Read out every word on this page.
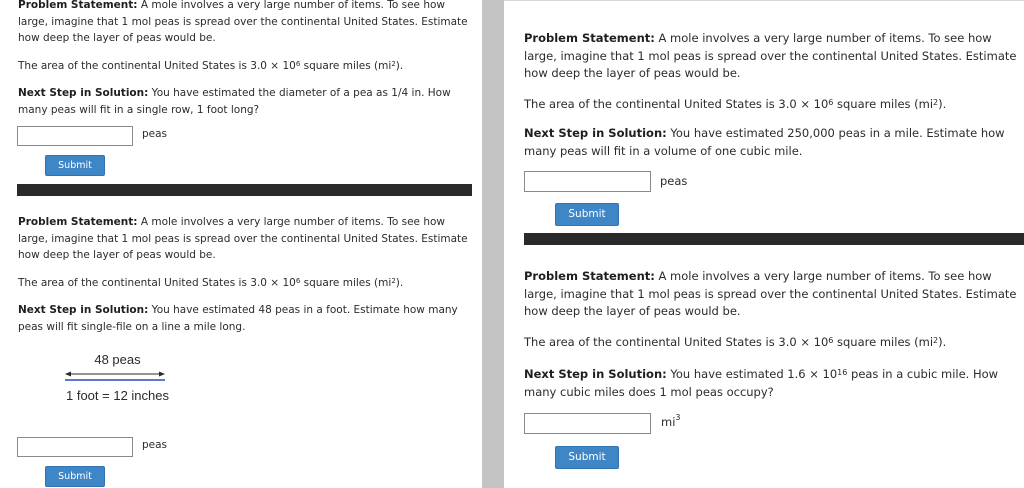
Problem Statement: A mole involves a very large number of items. To see how large, imagine that 1 mol peas is spread over the continental United States. Estimate how deep the layer of peas would be.
The area of the continental United States is $3.0 \times 10^6$ square miles $(mi^2)$.
Next Step in Solution: You have estimated the diameter of a pea as 1/4 in. How many peas will fit in a single row, 1 foot long?
peas
Submit
Problem Statement: A mole involves a very large number of items. To see how large, imagine that 1 mol peas is spread over the continental United States. Estimate how deep the layer of peas would be.
The area of the continental United States is $3.0 \times 10^6$ square miles $(mi^2)$.
Next Step in Solution: You have estimated 48 peas in a foot. Estimate how many peas will fit single-file on a line a mile long.
48 peas
1 foot = 12 inches
peas
Submit
Problem Statement: A mole involves a very large number of items. To see how large, imagine that 1 mol peas is spread over the continental United States. Estimate how deep the layer of peas would be.
The area of the continental United States is $3.0 \times 10^6$ square miles $(mi^2)$.
Next Step in Solution: You have estimated 250,000 peas in a mile. Estimate how many peas will fit in a volume of one cubic mile.
peas
Submit
Problem Statement: A mole involves a very large number of items. To see how large, imagine that 1 mol peas is spread over the continental United States. Estimate how deep the layer of peas would be.
The area of the continental United States is $3.0 \times 10^6$ square miles $(mi^2)$.
Next Step in Solution: You have estimated $1.6 \times 10^{16}$ peas in a cubic mile. How many cubic miles does 1 mol peas occupy?
$mi^3$
Submit
